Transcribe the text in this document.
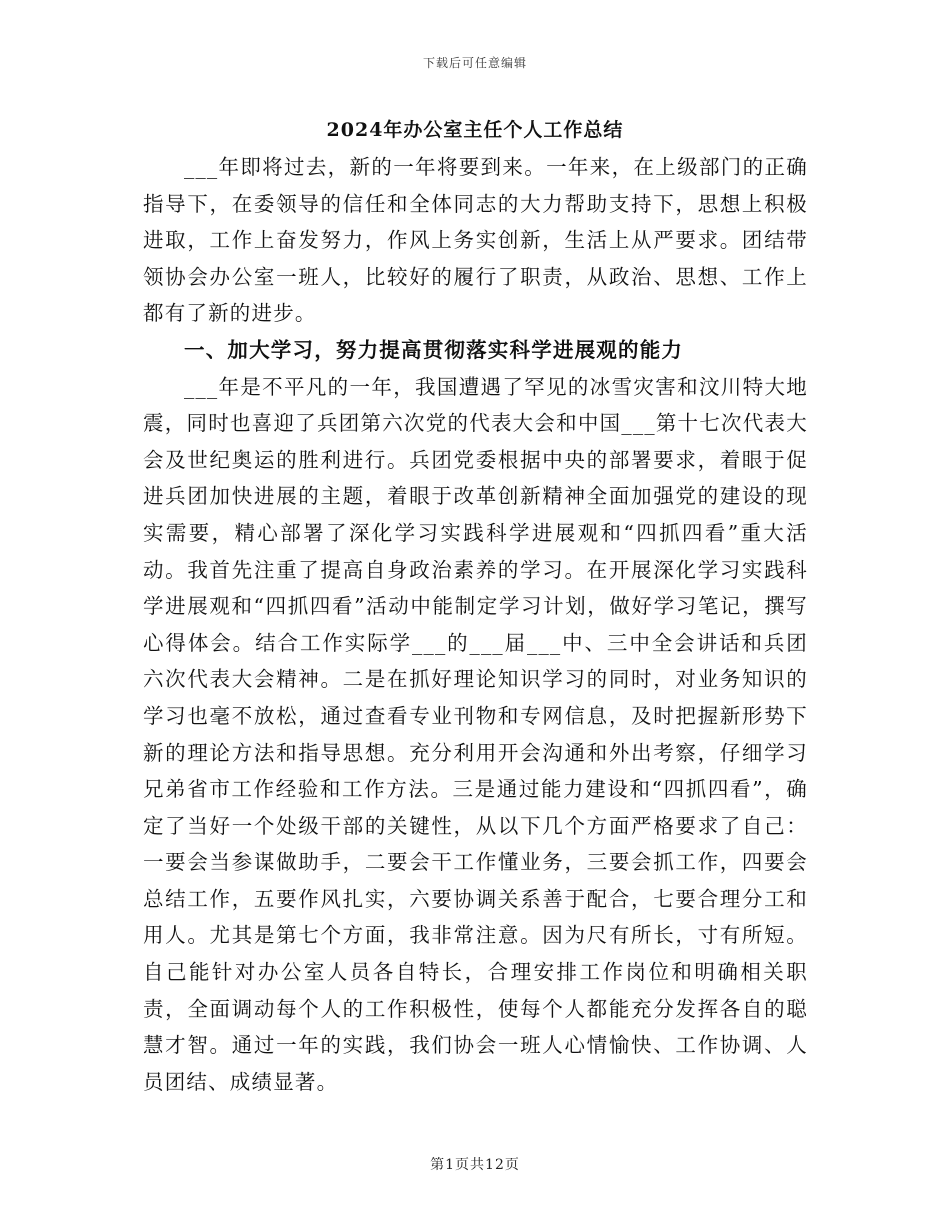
下载后可任意编辑
2024年办公室主任个人工作总结

___年即将过去，新的一年将要到来。一年来，在上级部门的正确指导下，在委领导的信任和全体同志的大力帮助支持下，思想上积极进取，工作上奋发努力，作风上务实创新，生活上从严要求。团结带领协会办公室一班人，比较好的履行了职责，从政治、思想、工作上都有了新的进步。

一、加大学习，努力提高贯彻落实科学进展观的能力

___年是不平凡的一年，我国遭遇了罕见的冰雪灾害和汶川特大地震，同时也喜迎了兵团第六次党的代表大会和中国___第十七次代表大会及世纪奥运的胜利进行。兵团党委根据中央的部署要求，着眼于促进兵团加快进展的主题，着眼于改革创新精神全面加强党的建设的现实需要，精心部署了深化学习实践科学进展观和“四抓四看”重大活动。我首先注重了提高自身政治素养的学习。在开展深化学习实践科学进展观和“四抓四看”活动中能制定学习计划，做好学习笔记，撰写心得体会。结合工作实际学___的___届___中、三中全会讲话和兵团六次代表大会精神。二是在抓好理论知识学习的同时，对业务知识的学习也毫不放松，通过查看专业刊物和专网信息，及时把握新形势下新的理论方法和指导思想。充分利用开会沟通和外出考察，仔细学习兄弟省市工作经验和工作方法。三是通过能力建设和“四抓四看”，确定了当好一个处级干部的关键性，从以下几个方面严格要求了自己：一要会当参谋做助手，二要会干工作懂业务，三要会抓工作，四要会总结工作，五要作风扎实，六要协调关系善于配合，七要合理分工和用人。尤其是第七个方面，我非常注意。因为尺有所长，寸有所短。自己能针对办公室人员各自特长，合理安排工作岗位和明确相关职责，全面调动每个人的工作积极性，使每个人都能充分发挥各自的聪慧才智。通过一年的实践，我们协会一班人心情愉快、工作协调、人员团结、成绩显著。

第1页共12页
